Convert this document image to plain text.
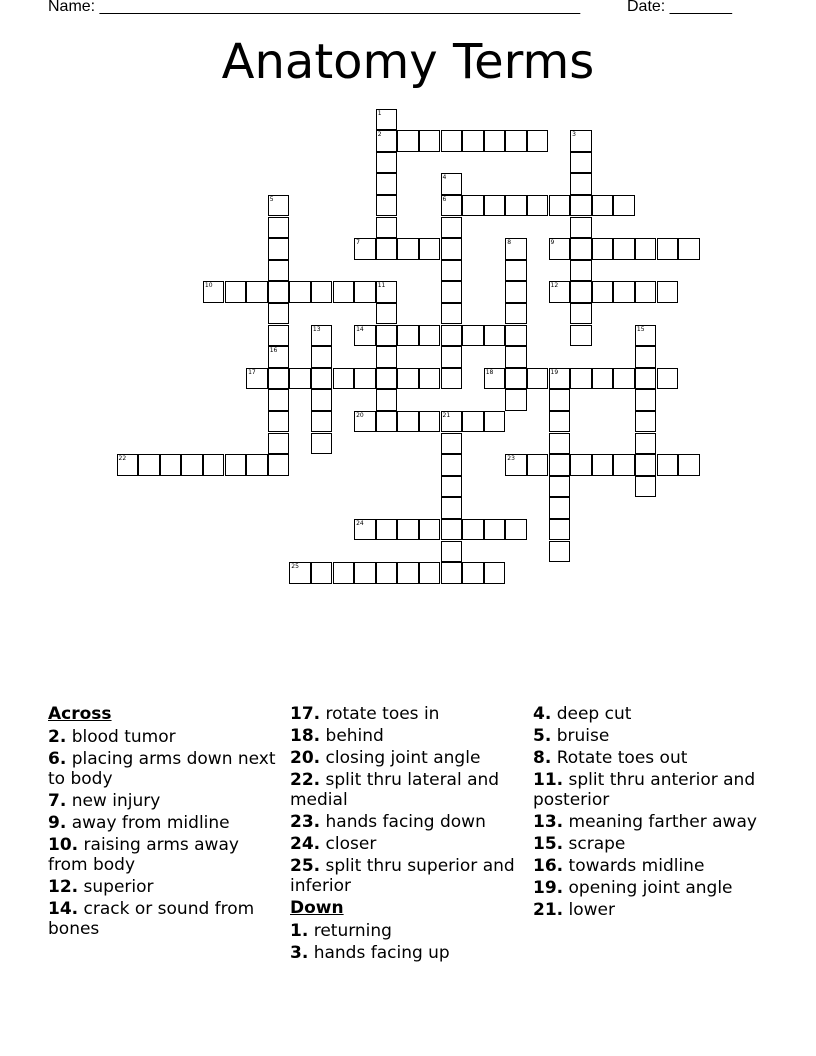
Name: ______________________________________________________	Date: _______
Anatomy Terms
1
2	3
4
6
5
16
7	8	9
10	11	12
13	14	15
17	18	19
20	21
22	23
24
25
Across
2. blood tumor
6. placing arms down next to body
7. new injury
9. away from midline
10. raising arms away from body
12. superior
14. crack or sound from bones
17. rotate toes in
18. behind
20. closing joint angle
22. split thru lateral and medial
23. hands facing down
24. closer
25. split thru superior and inferior
Down
1. returning
3. hands facing up
4. deep cut
5. bruise
8. Rotate toes out
11. split thru anterior and posterior
13. meaning farther away
15. scrape
16. towards midline
19. opening joint angle
21. lower
